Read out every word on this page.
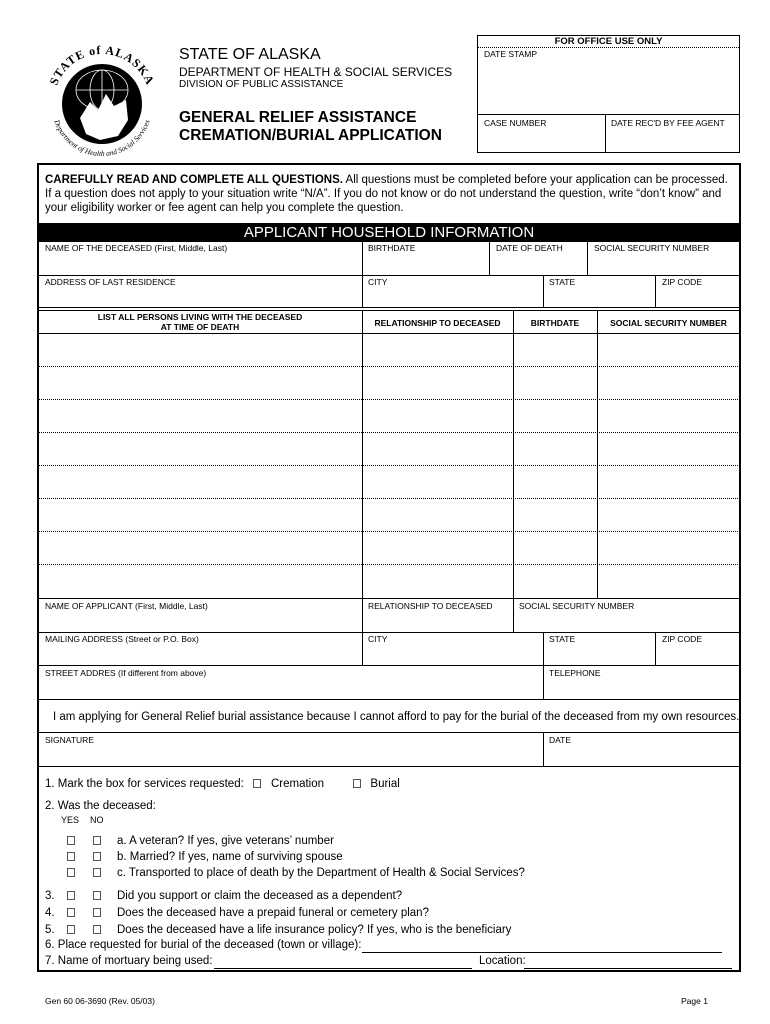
STATE of ALASKA
Department of Health and Social Services
STATE OF ALASKA
DEPARTMENT OF HEALTH & SOCIAL SERVICES
DIVISION OF PUBLIC ASSISTANCE
GENERAL RELIEF ASSISTANCE
CREMATION/BURIAL APPLICATION
FOR OFFICE USE ONLY
DATE STAMP
CASE NUMBER	DATE REC'D BY FEE AGENT
CAREFULLY READ AND COMPLETE ALL QUESTIONS. All questions must be completed before your application can be processed.
If a question does not apply to your situation write “N/A”. If you do not know or do not understand the question, write “don’t know” and
your eligibility worker or fee agent can help you complete the question.
APPLICANT HOUSEHOLD INFORMATION
NAME OF THE DECEASED (First, Middle, Last)	BIRTHDATE	DATE OF DEATH	SOCIAL SECURITY NUMBER
ADDRESS OF LAST RESIDENCE	CITY	STATE	ZIP CODE
LIST ALL PERSONS LIVING WITH THE DECEASED
AT TIME OF DEATH	RELATIONSHIP TO DECEASED	BIRTHDATE	SOCIAL SECURITY NUMBER
NAME OF APPLICANT (First, Middle, Last)	RELATIONSHIP TO DECEASED	SOCIAL SECURITY NUMBER
MAILING ADDRESS (Street or P.O. Box)	CITY	STATE	ZIP CODE
STREET ADDRES (If different from above)	TELEPHONE
I am applying for General Relief burial assistance because I cannot afford to pay for the burial of the deceased from my own resources.
SIGNATURE	DATE
1. Mark the box for services requested: Cremation	Burial
2. Was the deceased:
YES NO
a. A veteran? If yes, give veterans’ number
b. Married? If yes, name of surviving spouse
c. Transported to place of death by the Department of Health & Social Services?
3.	Did you support or claim the deceased as a dependent?
4.	Does the deceased have a prepaid funeral or cemetery plan?
5.	Does the deceased have a life insurance policy? If yes, who is the beneficiary
6. Place requested for burial of the deceased (town or village):
7. Name of mortuary being used:	Location:
Gen 60 06-3690 (Rev. 05/03)	Page 1
